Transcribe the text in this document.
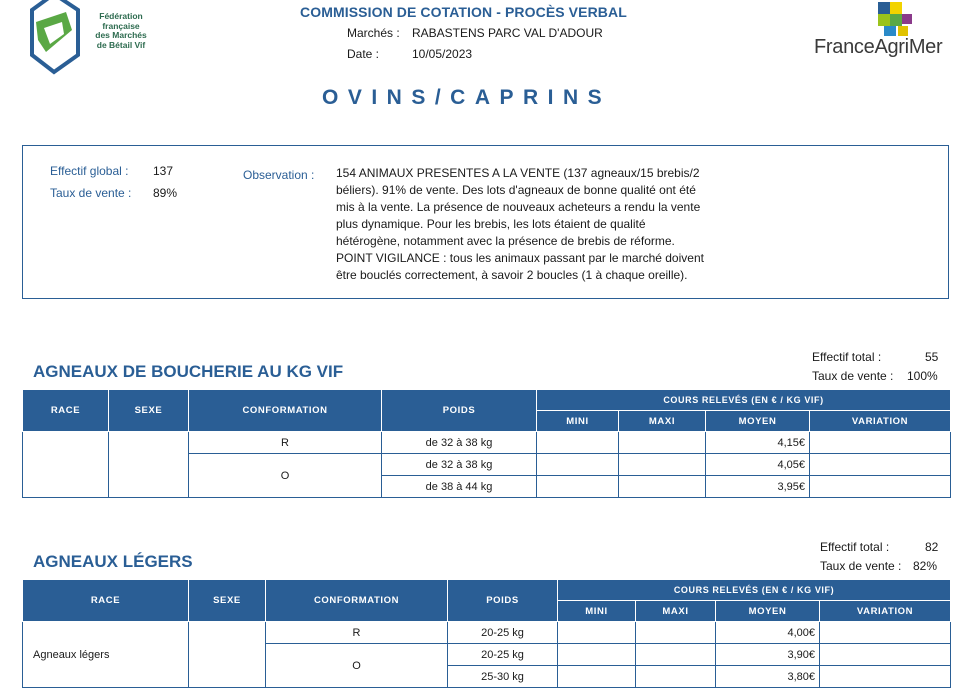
Fédération
française
des Marchés
de Bétail Vif
COMMISSION DE COTATION - PROCÈS VERBAL
Marchés : RABASTENS PARC VAL D'ADOUR
Date :	10/05/2023	FranceAgriMer
OVINS/CAPRINS
Effectif global : 137
Taux de vente : 89%
Observation : 154 ANIMAUX PRESENTES A LA VENTE (137 agneaux/15 brebis/2
béliers). 91% de vente. Des lots d'agneaux de bonne qualité ont été
mis à la vente. La présence de nouveaux acheteurs a rendu la vente
plus dynamique. Pour les brebis, les lots étaient de qualité
hétérogène, notamment avec la présence de brebis de réforme.
POINT VIGILANCE : tous les animaux passant par le marché doivent
être bouclés correctement, à savoir 2 boucles (1 à chaque oreille).
AGNEAUX DE BOUCHERIE AU KG VIF
Effectif total :	55
Taux de vente : 100%
RACE	SEXE	CONFORMATION	POIDS	COURS RELEVÉS (EN € / KG VIF)			
				MINI	MAXI	MOYEN	VARIATION
		R	de 32 à 38 kg			4,15€	
		O	de 32 à 38 kg			4,05€	
			de 38 à 44 kg			3,95€	
AGNEAUX LÉGERS
Effectif total :	82
Taux de vente : 82%
RACE	SEXE	CONFORMATION	POIDS	COURS RELEVÉS (EN € / KG VIF)			
				MINI	MAXI	MOYEN	VARIATION
Agneaux légers		R	20-25 kg			4,00€	
		O	20-25 kg			3,90€	
			25-30 kg			3,80€	
